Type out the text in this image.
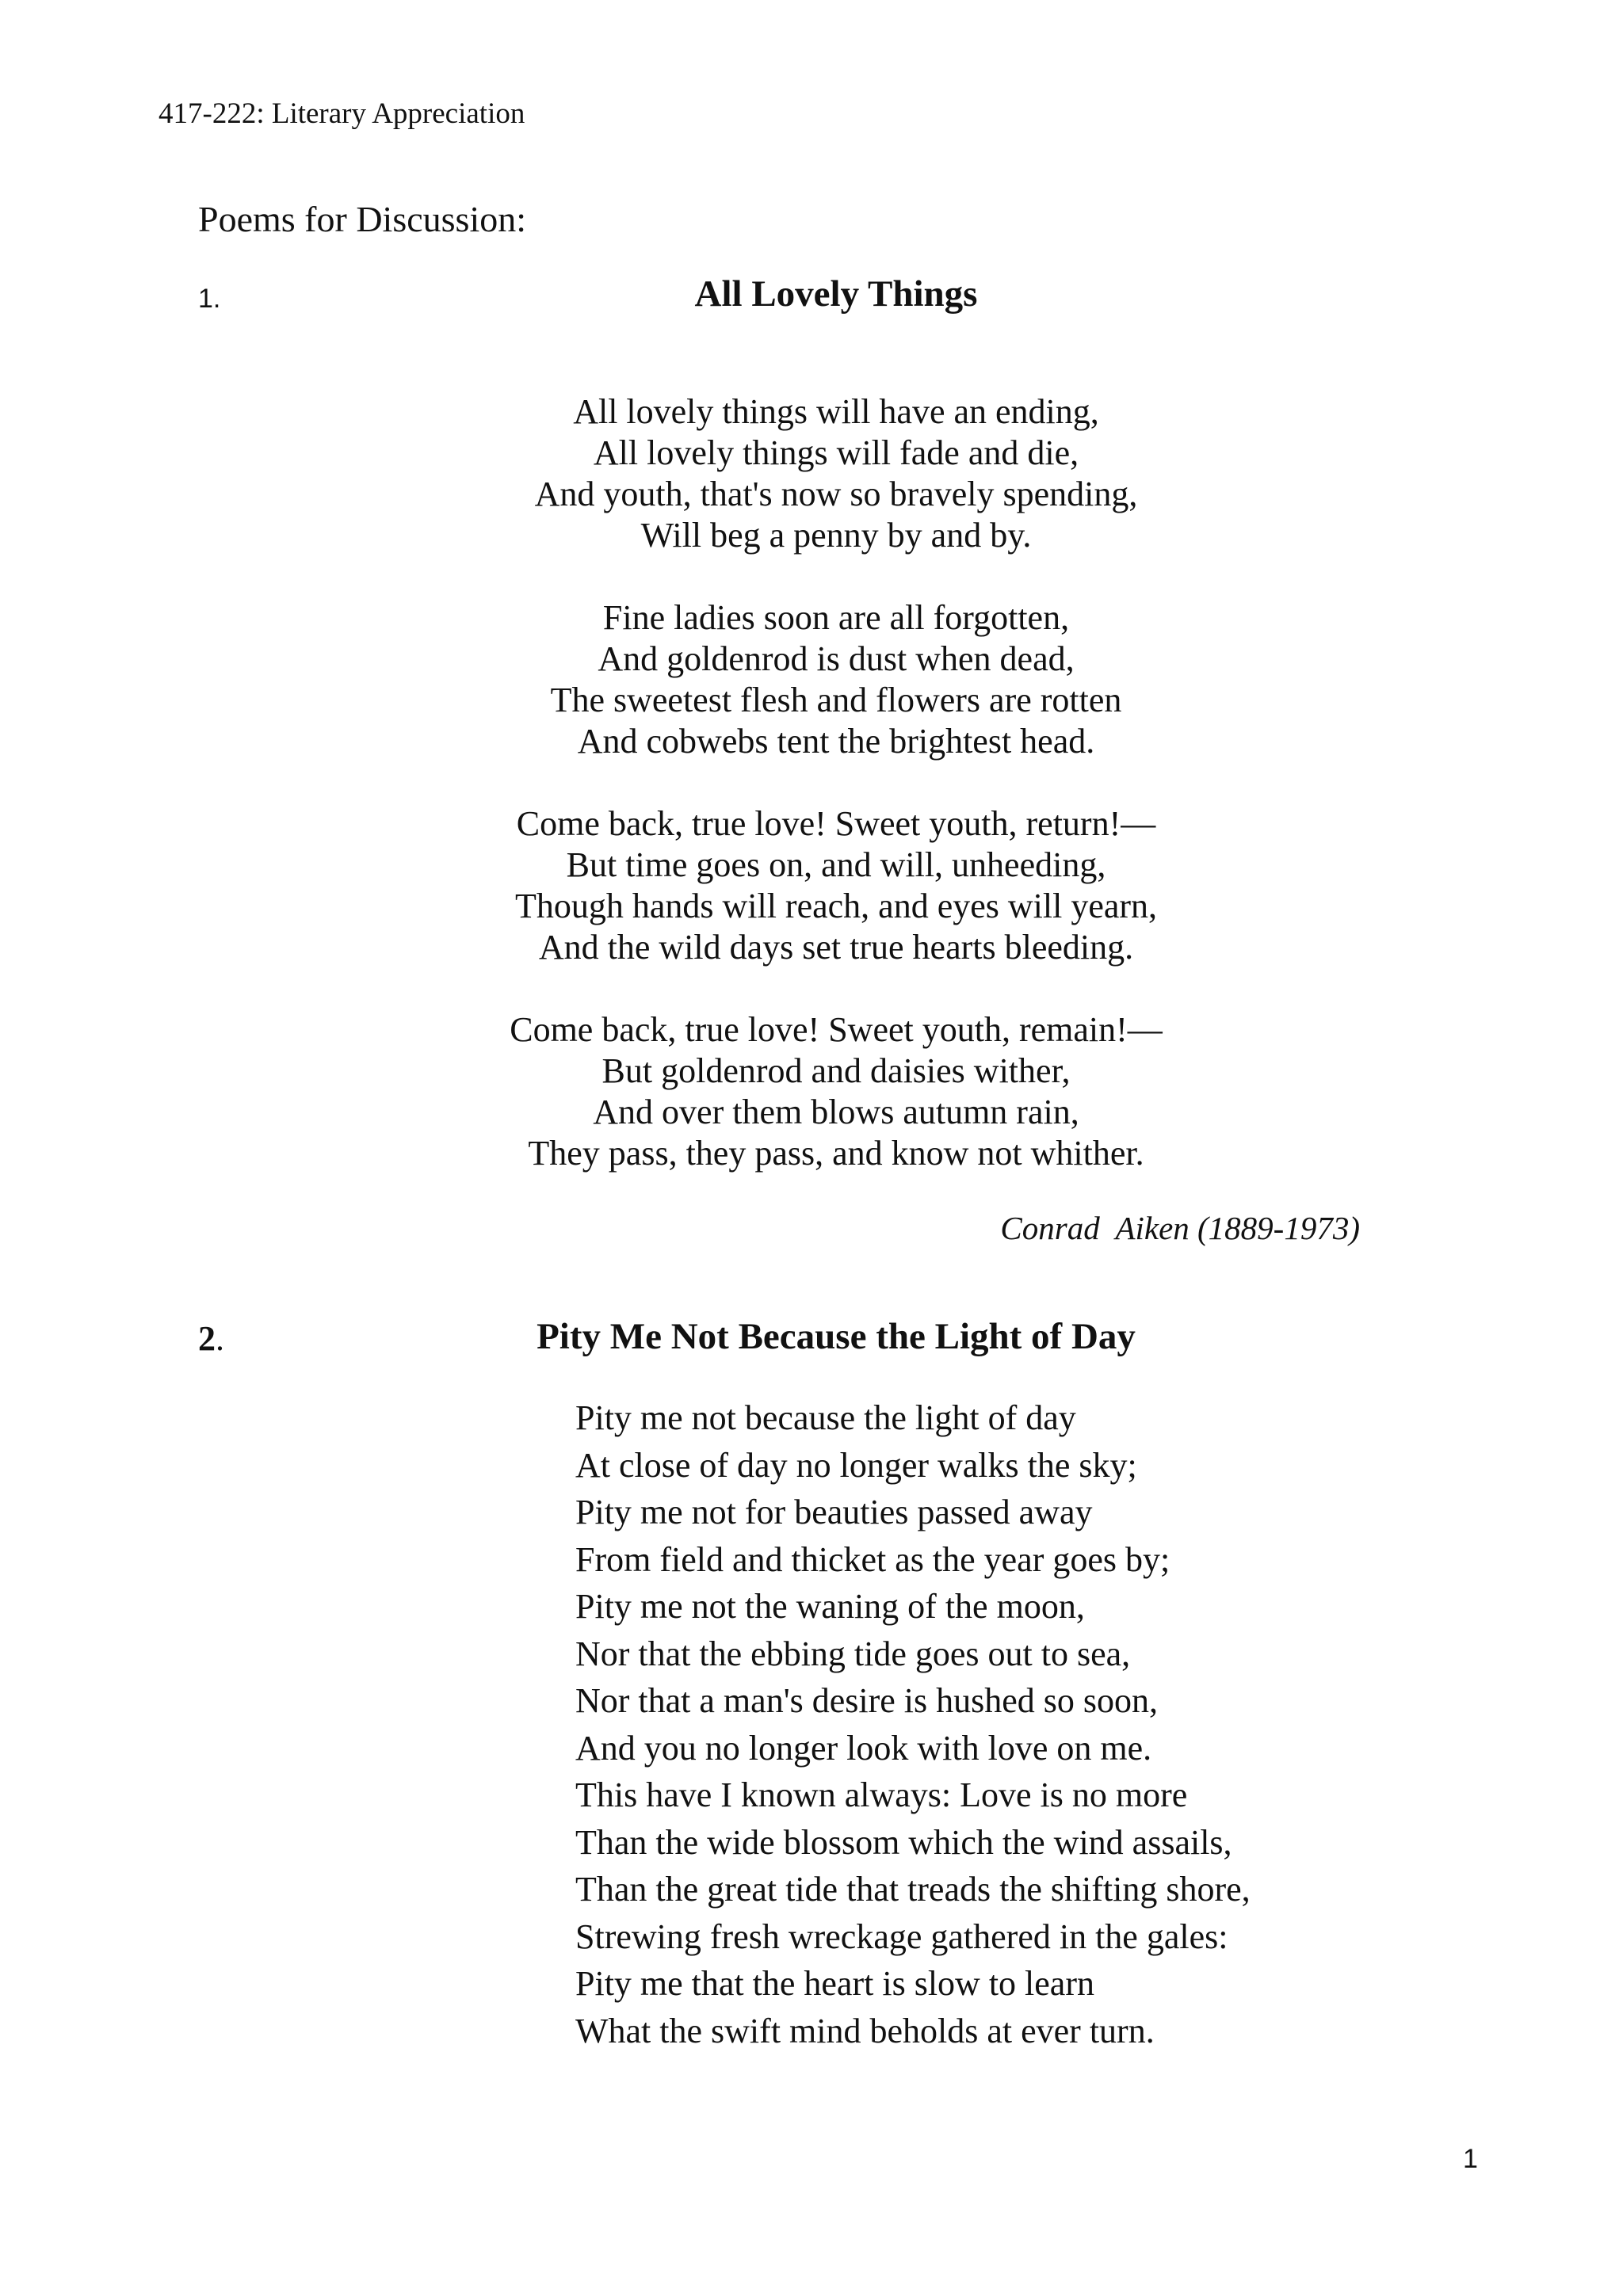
417-222: Literary Appreciation
Poems for Discussion:
1.	All Lovely Things
All lovely things will have an ending,
All lovely things will fade and die,
And youth, that's now so bravely spending,
Will beg a penny by and by.
Fine ladies soon are all forgotten,
And goldenrod is dust when dead,
The sweetest flesh and flowers are rotten
And cobwebs tent the brightest head.
Come back, true love! Sweet youth, return!—
But time goes on, and will, unheeding,
Though hands will reach, and eyes will yearn,
And the wild days set true hearts bleeding.
Come back, true love! Sweet youth, remain!—
But goldenrod and daisies wither,
And over them blows autumn rain,
They pass, they pass, and know not whither.
Conrad  Aiken (1889-1973)
2.	Pity Me Not Because the Light of Day
Pity me not because the light of day
At close of day no longer walks the sky;
Pity me not for beauties passed away
From field and thicket as the year goes by;
Pity me not the waning of the moon,
Nor that the ebbing tide goes out to sea,
Nor that a man's desire is hushed so soon,
And you no longer look with love on me.
This have I known always: Love is no more
Than the wide blossom which the wind assails,
Than the great tide that treads the shifting shore,
Strewing fresh wreckage gathered in the gales:
Pity me that the heart is slow to learn
What the swift mind beholds at ever turn.
1
